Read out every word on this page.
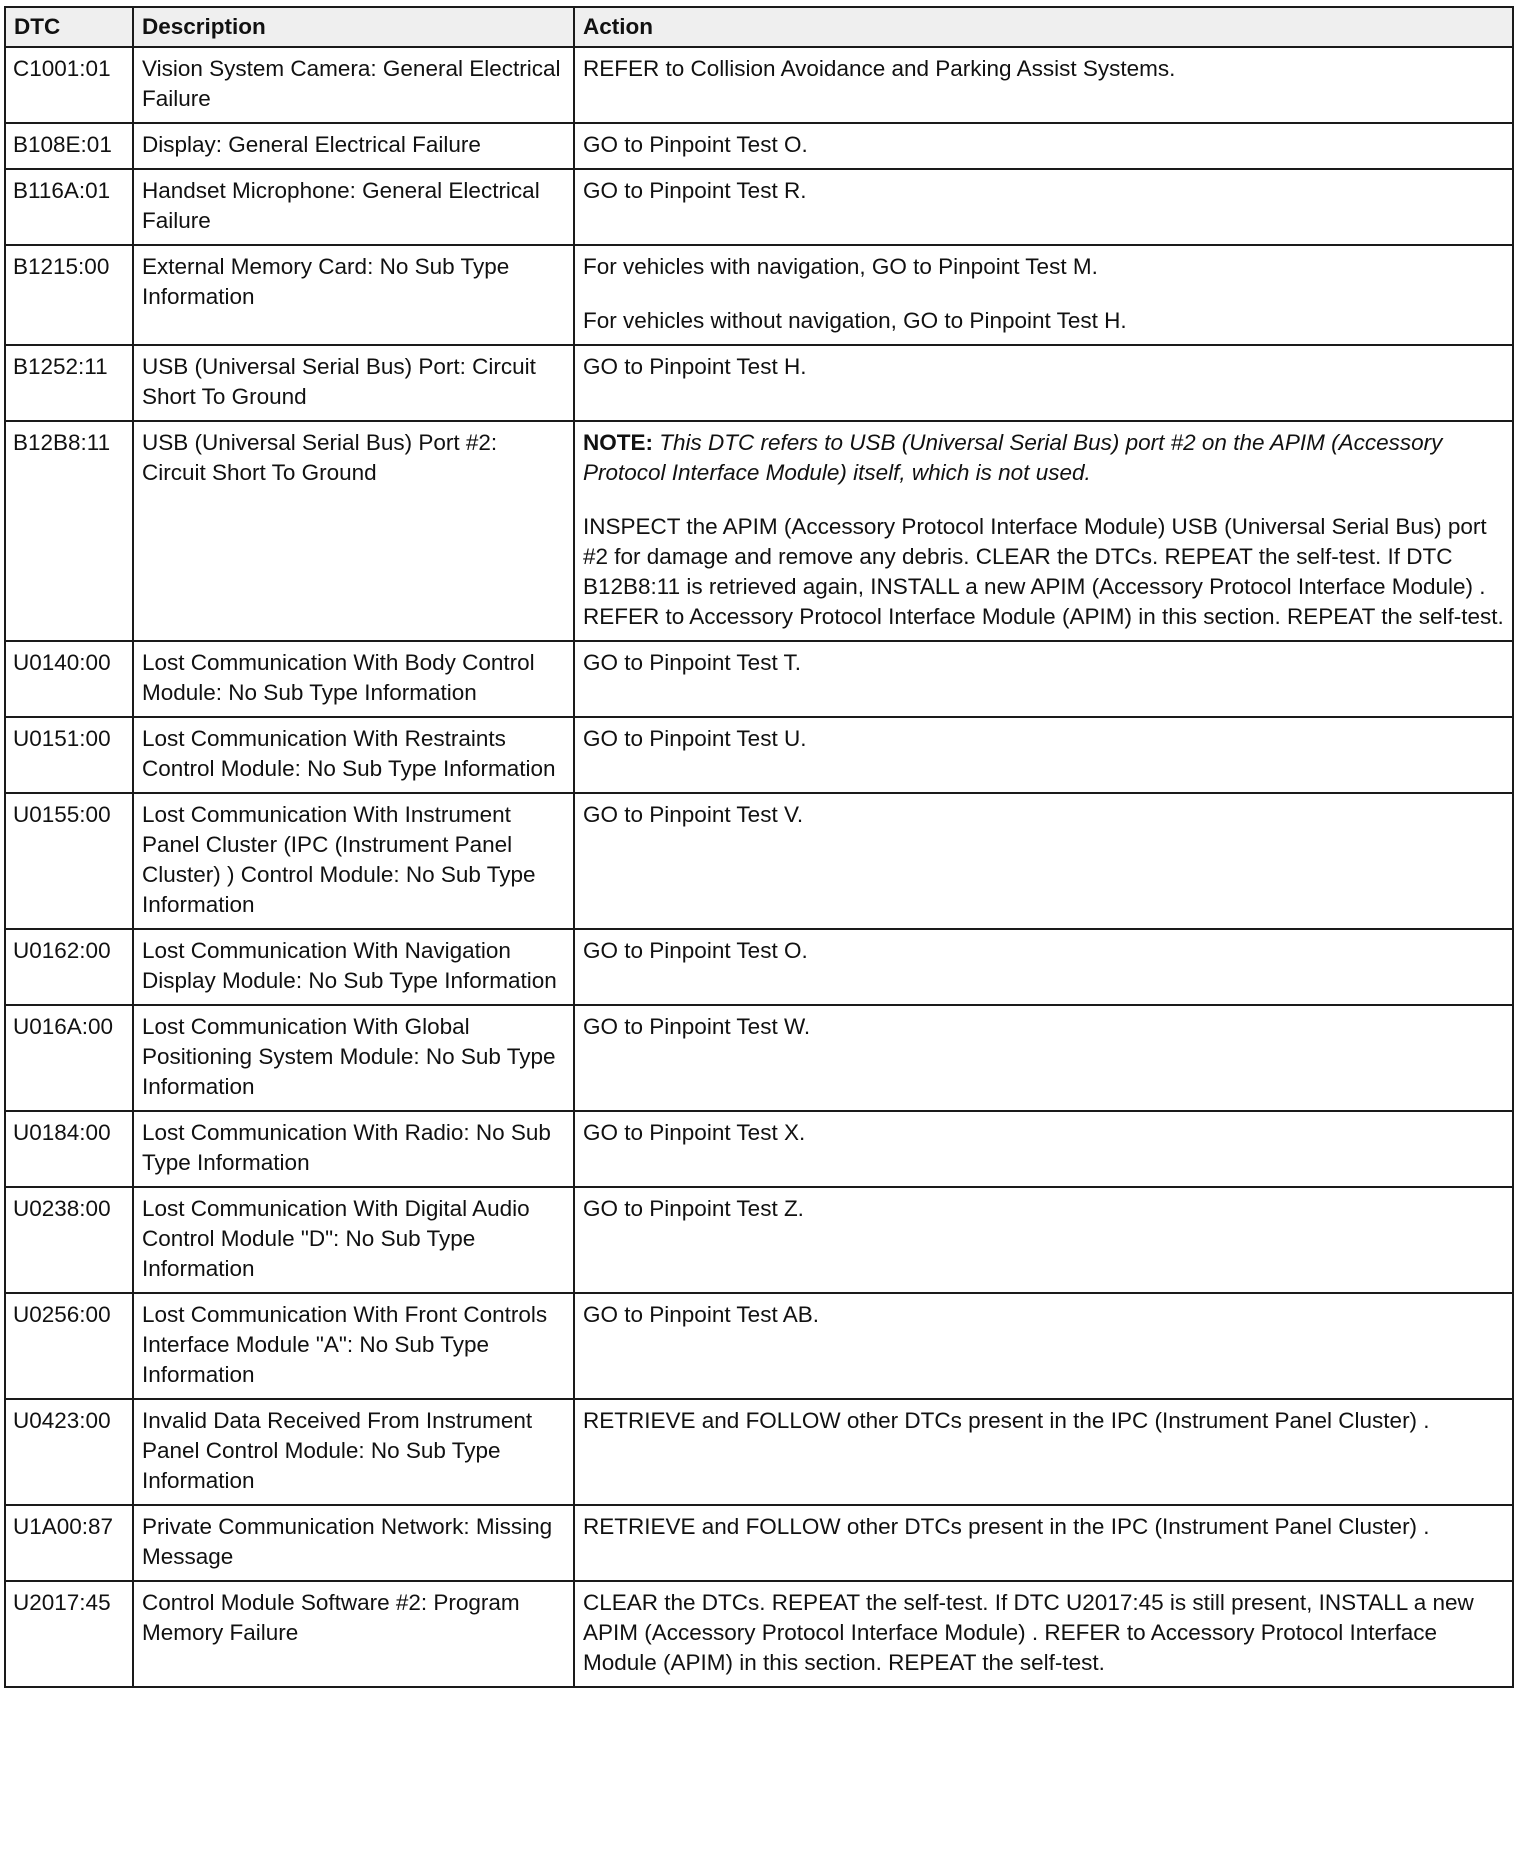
DTC	Description	Action
C1001:01	Vision System Camera: General Electrical Failure	REFER to Collision Avoidance and Parking Assist Systems.

B108E:01	Display: General Electrical Failure	GO to Pinpoint Test O.

B116A:01	Handset Microphone: General Electrical Failure	GO to Pinpoint Test R.

B1215:00	External Memory Card: No Sub Type Information	For vehicles with navigation, GO to Pinpoint Test M.
For vehicles without navigation, GO to Pinpoint Test H.

B1252:11	USB (Universal Serial Bus) Port: Circuit Short To Ground	GO to Pinpoint Test H.

B12B8:11	USB (Universal Serial Bus) Port #2: Circuit Short To Ground	NOTE: This DTC refers to USB (Universal Serial Bus) port #2 on the APIM (Accessory Protocol Interface Module) itself, which is not used.
INSPECT the APIM (Accessory Protocol Interface Module) USB (Universal Serial Bus) port #2 for damage and remove any debris. CLEAR the DTCs. REPEAT the self-test. If DTC B12B8:11 is retrieved again, INSTALL a new APIM (Accessory Protocol Interface Module) . REFER to Accessory Protocol Interface Module (APIM) in this section. REPEAT the self-test.

U0140:00	Lost Communication With Body Control Module: No Sub Type Information	GO to Pinpoint Test T.

U0151:00	Lost Communication With Restraints Control Module: No Sub Type Information	GO to Pinpoint Test U.

U0155:00	Lost Communication With Instrument Panel Cluster (IPC (Instrument Panel Cluster) ) Control Module: No Sub Type Information	GO to Pinpoint Test V.

U0162:00	Lost Communication With Navigation Display Module: No Sub Type Information	GO to Pinpoint Test O.

U016A:00	Lost Communication With Global Positioning System Module: No Sub Type Information	GO to Pinpoint Test W.

U0184:00	Lost Communication With Radio: No Sub Type Information	GO to Pinpoint Test X.

U0238:00	Lost Communication With Digital Audio Control Module "D": No Sub Type Information	GO to Pinpoint Test Z.

U0256:00	Lost Communication With Front Controls Interface Module "A": No Sub Type Information	GO to Pinpoint Test AB.

U0423:00	Invalid Data Received From Instrument Panel Control Module: No Sub Type Information	RETRIEVE and FOLLOW other DTCs present in the IPC (Instrument Panel Cluster) .

U1A00:87	Private Communication Network: Missing Message	RETRIEVE and FOLLOW other DTCs present in the IPC (Instrument Panel Cluster) .

U2017:45	Control Module Software #2: Program Memory Failure	CLEAR the DTCs. REPEAT the self-test. If DTC U2017:45 is still present, INSTALL a new APIM (Accessory Protocol Interface Module) . REFER to Accessory Protocol Interface Module (APIM) in this section. REPEAT the self-test.
